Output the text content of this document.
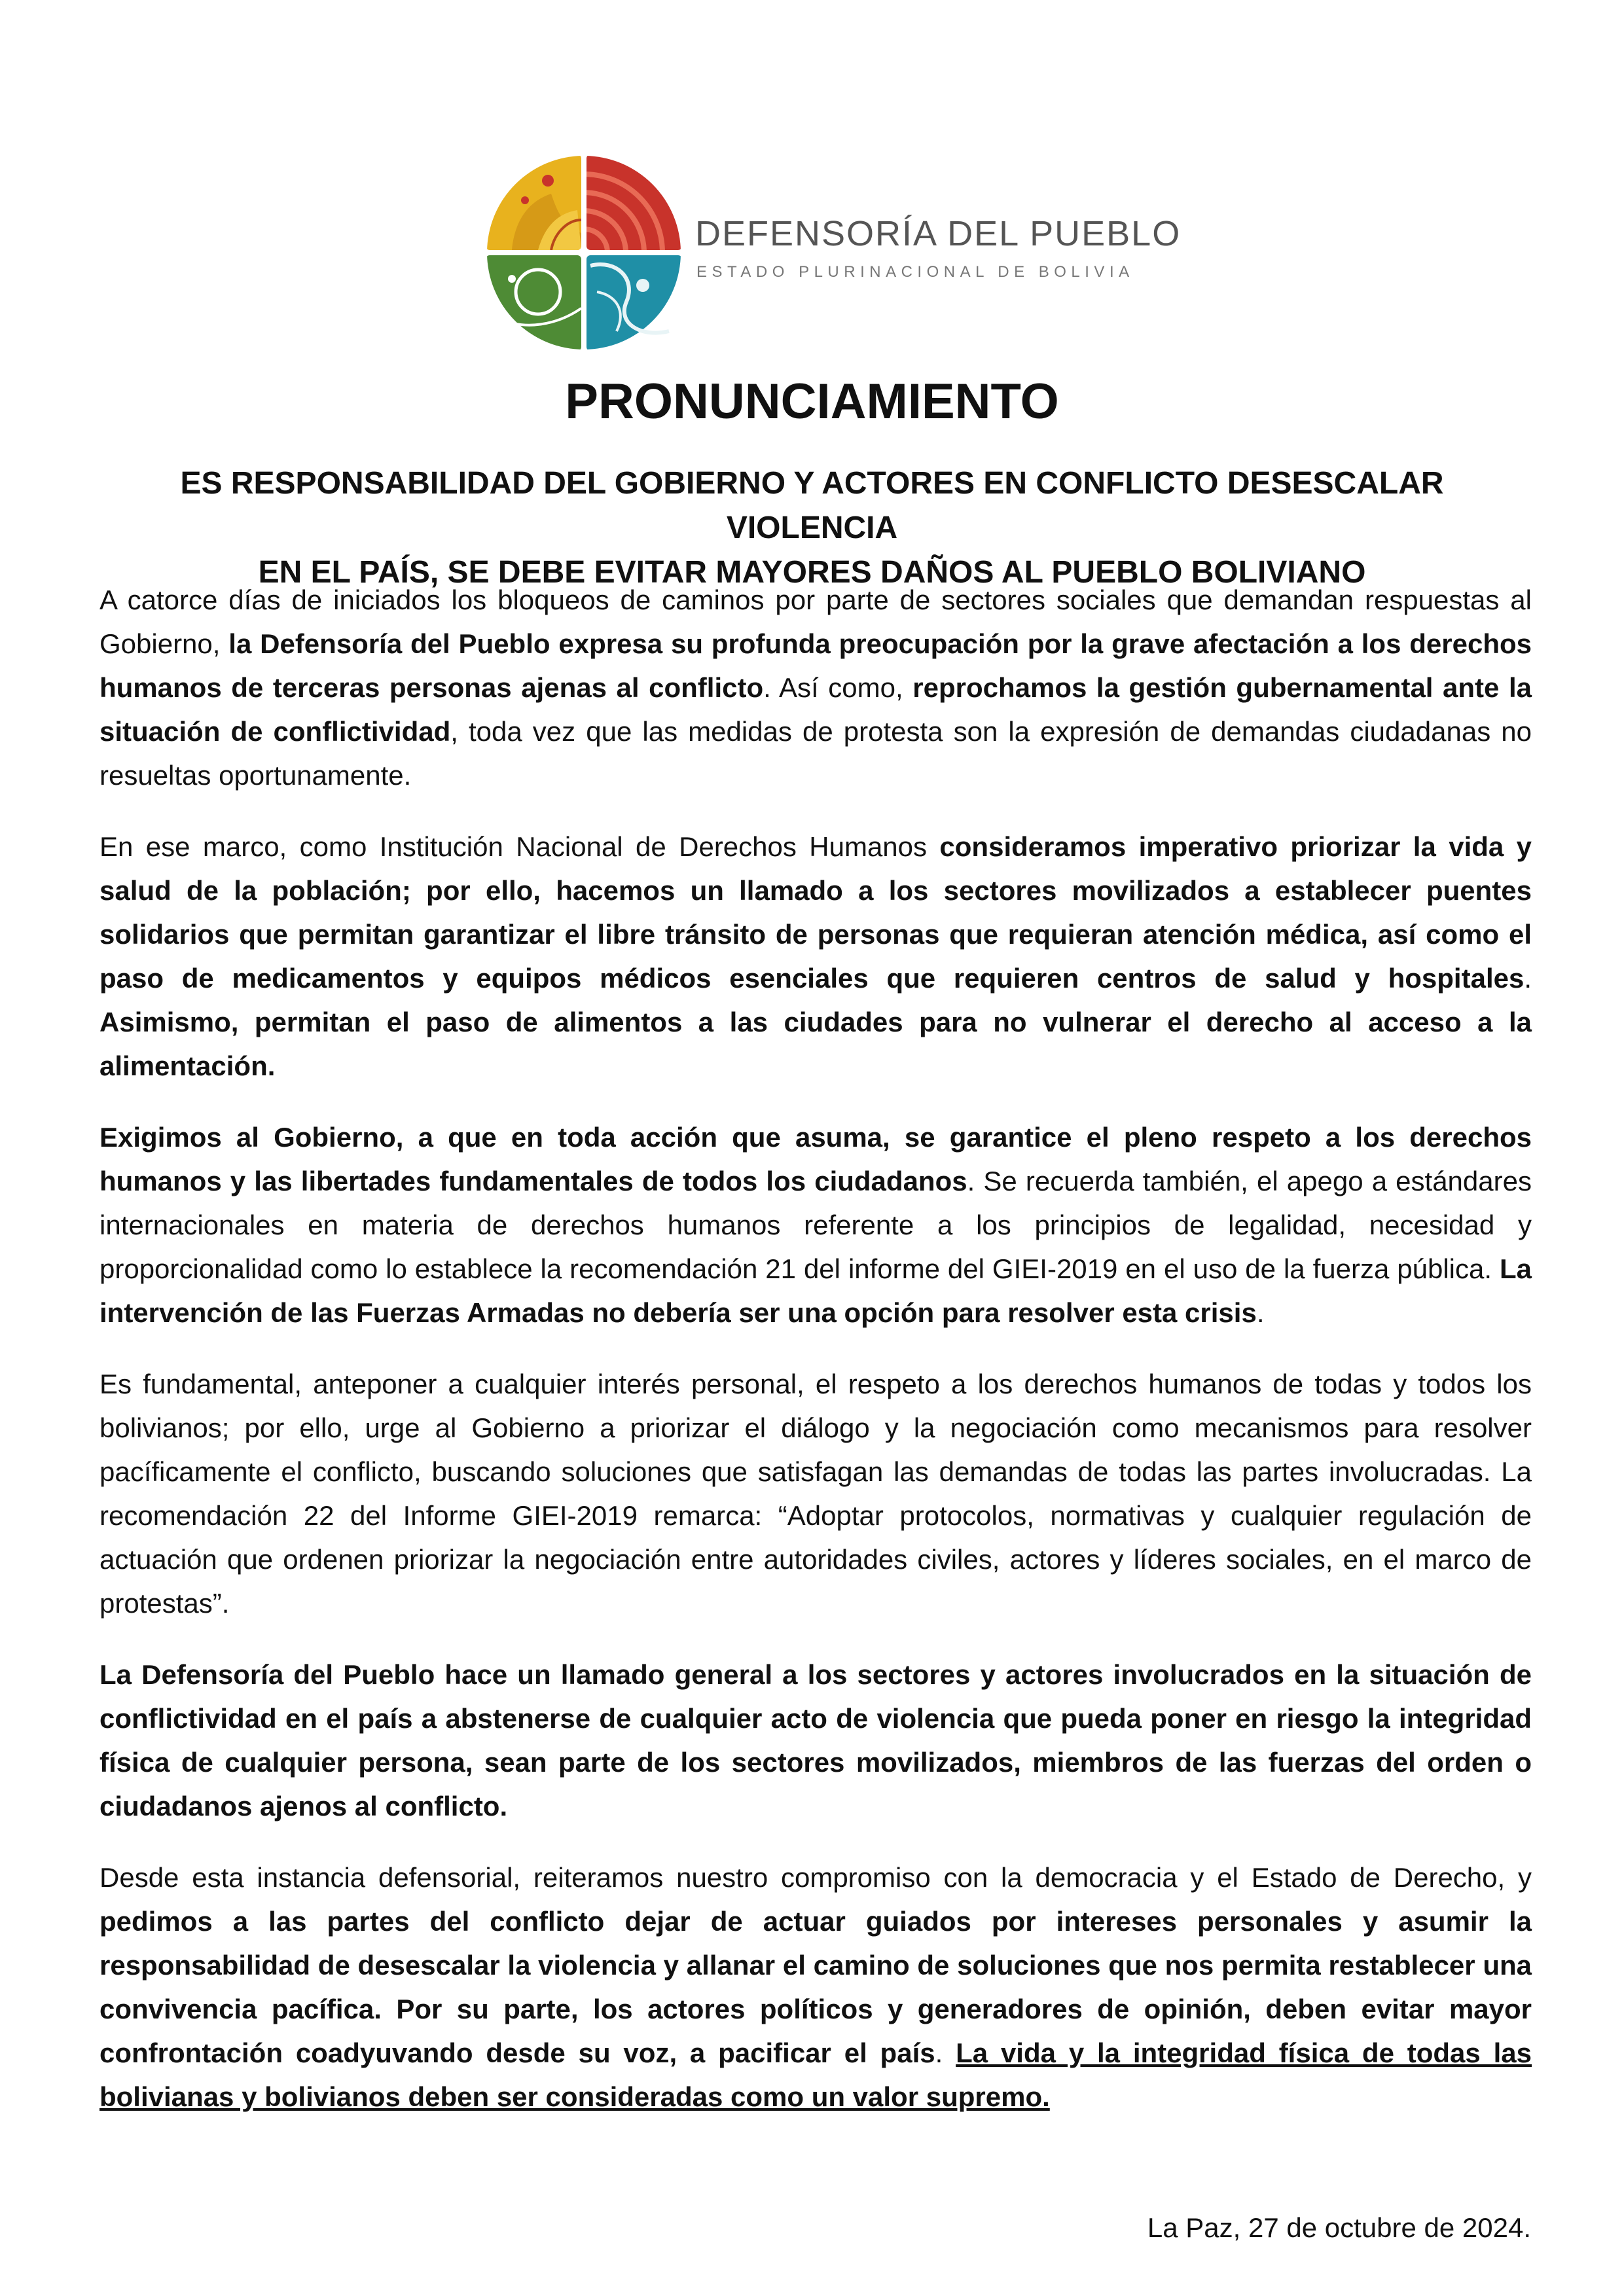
DEFENSORÍA DEL PUEBLO
ESTADO PLURINACIONAL DE BOLIVIA
PRONUNCIAMIENTO
ES RESPONSABILIDAD DEL GOBIERNO Y ACTORES EN CONFLICTO DESESCALAR VIOLENCIA
EN EL PAÍS, SE DEBE EVITAR MAYORES DAÑOS AL PUEBLO BOLIVIANO

A catorce días de iniciados los bloqueos de caminos por parte de sectores sociales que demandan respuestas al Gobierno, la Defensoría del Pueblo expresa su profunda preocupación por la grave afectación a los derechos humanos de terceras personas ajenas al conflicto. Así como, reprochamos la gestión gubernamental ante la situación de conflictividad, toda vez que las medidas de protesta son la expresión de demandas ciudadanas no resueltas oportunamente.

En ese marco, como Institución Nacional de Derechos Humanos consideramos imperativo priorizar la vida y salud de la población; por ello, hacemos un llamado a los sectores movilizados a establecer puentes solidarios que permitan garantizar el libre tránsito de personas que requieran atención médica, así como el paso de medicamentos y equipos médicos esenciales que requieren centros de salud y hospitales. Asimismo, permitan el paso de alimentos a las ciudades para no vulnerar el derecho al acceso a la alimentación.

Exigimos al Gobierno, a que en toda acción que asuma, se garantice el pleno respeto a los derechos humanos y las libertades fundamentales de todos los ciudadanos. Se recuerda también, el apego a estándares internacionales en materia de derechos humanos referente a los principios de legalidad, necesidad y proporcionalidad como lo establece la recomendación 21 del informe del GIEI-2019 en el uso de la fuerza pública. La intervención de las Fuerzas Armadas no debería ser una opción para resolver esta crisis.

Es fundamental, anteponer a cualquier interés personal, el respeto a los derechos humanos de todas y todos los bolivianos; por ello, urge al Gobierno a priorizar el diálogo y la negociación como mecanismos para resolver pacíficamente el conflicto, buscando soluciones que satisfagan las demandas de todas las partes involucradas. La recomendación 22 del Informe GIEI-2019 remarca: “Adoptar protocolos, normativas y cualquier regulación de actuación que ordenen priorizar la negociación entre autoridades civiles, actores y líderes sociales, en el marco de protestas”.

La Defensoría del Pueblo hace un llamado general a los sectores y actores involucrados en la situación de conflictividad en el país a abstenerse de cualquier acto de violencia que pueda poner en riesgo la integridad física de cualquier persona, sean parte de los sectores movilizados, miembros de las fuerzas del orden o ciudadanos ajenos al conflicto.

Desde esta instancia defensorial, reiteramos nuestro compromiso con la democracia y el Estado de Derecho, y pedimos a las partes del conflicto dejar de actuar guiados por intereses personales y asumir la responsabilidad de desescalar la violencia y allanar el camino de soluciones que nos permita restablecer una convivencia pacífica. Por su parte, los actores políticos y generadores de opinión, deben evitar mayor confrontación coadyuvando desde su voz, a pacificar el país. La vida y la integridad física de todas las bolivianas y bolivianos deben ser consideradas como un valor supremo.

La Paz, 27 de octubre de 2024.
